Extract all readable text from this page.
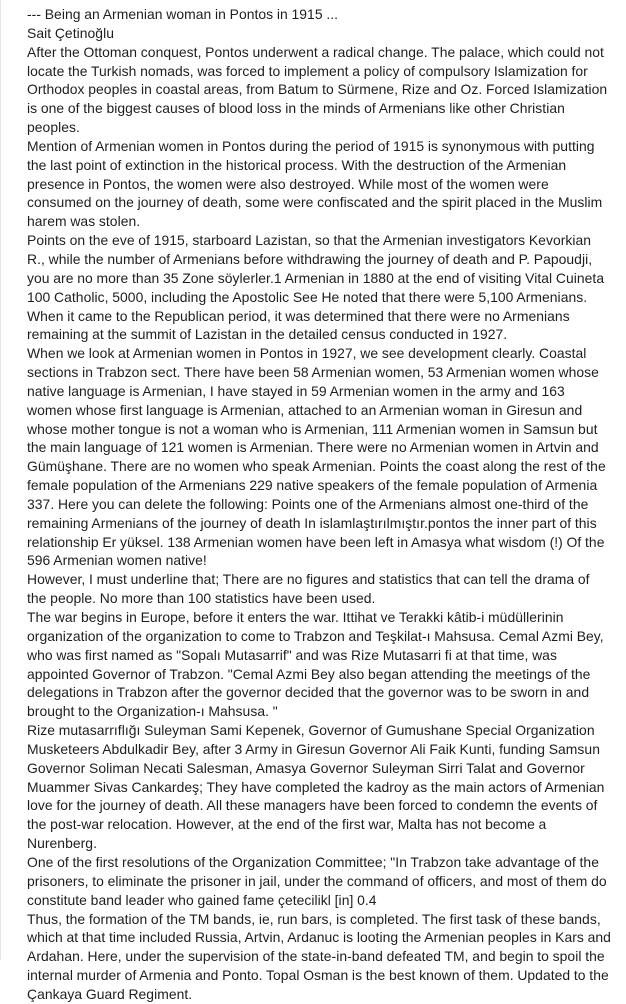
--- Being an Armenian woman in Pontos in 1915 ...

Sait Çetinoğlu

After the Ottoman conquest, Pontos underwent a radical change. The palace, which could not locate the Turkish nomads, was forced to implement a policy of compulsory Islamization for Orthodox peoples in coastal areas, from Batum to Sürmene, Rize and Oz. Forced Islamization is one of the biggest causes of blood loss in the minds of Armenians like other Christian peoples.

Mention of Armenian women in Pontos during the period of 1915 is synonymous with putting the last point of extinction in the historical process. With the destruction of the Armenian presence in Pontos, the women were also destroyed. While most of the women were consumed on the journey of death, some were confiscated and the spirit placed in the Muslim harem was stolen.

Points on the eve of 1915, starboard Lazistan, so that the Armenian investigators Kevorkian R., while the number of Armenians before withdrawing the journey of death and P. Papoudji, you are no more than 35 Zone söylerler.1 Armenian in 1880 at the end of visiting Vital Cuineta 100 Catholic, 5000, including the Apostolic See He noted that there were 5,100 Armenians.

When it came to the Republican period, it was determined that there were no Armenians remaining at the summit of Lazistan in the detailed census conducted in 1927.

When we look at Armenian women in Pontos in 1927, we see development clearly. Coastal sections in Trabzon sect. There have been 58 Armenian women, 53 Armenian women whose native language is Armenian, I have stayed in 59 Armenian women in the army and 163 women whose first language is Armenian, attached to an Armenian woman in Giresun and whose mother tongue is not a woman who is Armenian, 111 Armenian women in Samsun but the main language of 121 women is Armenian. There were no Armenian women in Artvin and Gümüşhane. There are no women who speak Armenian. Points the coast along the rest of the female population of the Armenians 229 native speakers of the female population of Armenia 337. Here you can delete the following: Points one of the Armenians almost one-third of the remaining Armenians of the journey of death In islamlaştırılmıştır.pontos the inner part of this relationship Er yüksel. 138 Armenian women have been left in Amasya what wisdom (!) Of the 596 Armenian women native!

However, I must underline that; There are no figures and statistics that can tell the drama of the people. No more than 100 statistics have been used.

The war begins in Europe, before it enters the war. Ittihat ve Terakki kâtib-i müdüllerinin organization of the organization to come to Trabzon and Teşkilat-ı Mahsusa. Cemal Azmi Bey, who was first named as "Sopalı Mutasarrif" and was Rize Mutasarri fi at that time, was appointed Governor of Trabzon. "Cemal Azmi Bey also began attending the meetings of the delegations in Trabzon after the governor decided that the governor was to be sworn in and brought to the Organization-ı Mahsusa. "

Rize mutasarrıflığı Suleyman Sami Kepenek, Governor of Gumushane Special Organization Musketeers Abdulkadir Bey, after 3 Army in Giresun Governor Ali Faik Kunti, funding Samsun Governor Soliman Necati Salesman, Amasya Governor Suleyman Sirri Talat and Governor Muammer Sivas Cankardeş; They have completed the kadroy as the main actors of Armenian love for the journey of death. All these managers have been forced to condemn the events of the post-war relocation. However, at the end of the first war, Malta has not become a Nurenberg.

One of the first resolutions of the Organization Committee; "In Trabzon take advantage of the prisoners, to eliminate the prisoner in jail, under the command of officers, and most of them do constitute band leader who gained fame çetecilikl [in] 0.4

Thus, the formation of the TM bands, ie, run bars, is completed. The first task of these bands, which at that time included Russia, Artvin, Ardanuc is looting the Armenian peoples in Kars and Ardahan. Here, under the supervision of the state-in-band defeated TM, and begin to spoil the internal murder of Armenia and Ponto. Topal Osman is the best known of them. Updated to the Çankaya Guard Regiment.
